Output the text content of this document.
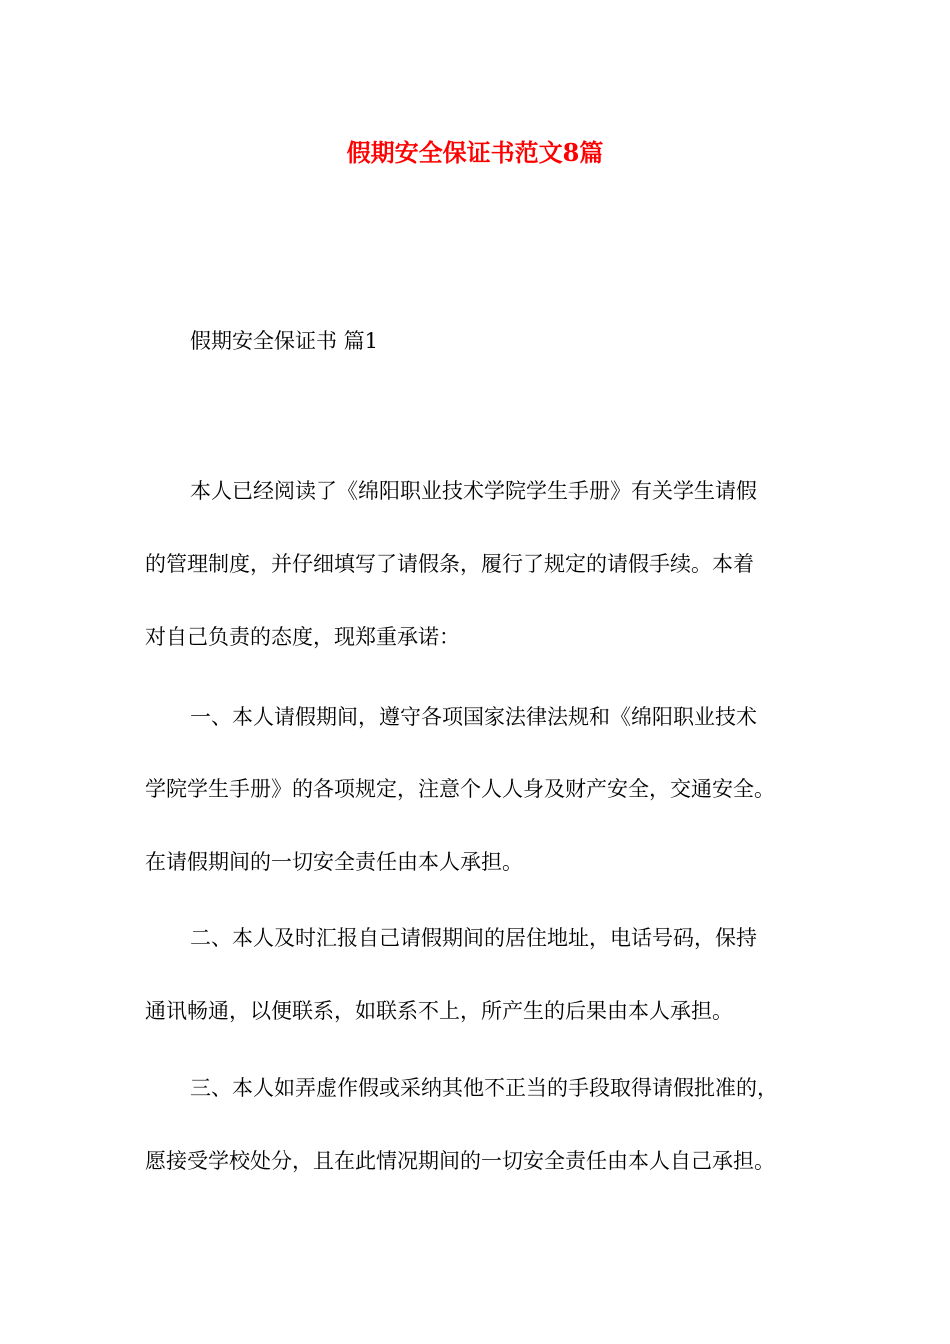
假期安全保证书范文8篇
假期安全保证书 篇1
本人已经阅读了《绵阳职业技术学院学生手册》有关学生请假
的管理制度，并仔细填写了请假条，履行了规定的请假手续。本着
对自己负责的态度，现郑重承诺：
一、本人请假期间，遵守各项国家法律法规和《绵阳职业技术
学院学生手册》的各项规定，注意个人人身及财产安全，交通安全。
在请假期间的一切安全责任由本人承担。
二、本人及时汇报自己请假期间的居住地址，电话号码，保持
通讯畅通，以便联系，如联系不上，所产生的后果由本人承担。
三、本人如弄虚作假或采纳其他不正当的手段取得请假批准的，
愿接受学校处分，且在此情况期间的一切安全责任由本人自己承担。
